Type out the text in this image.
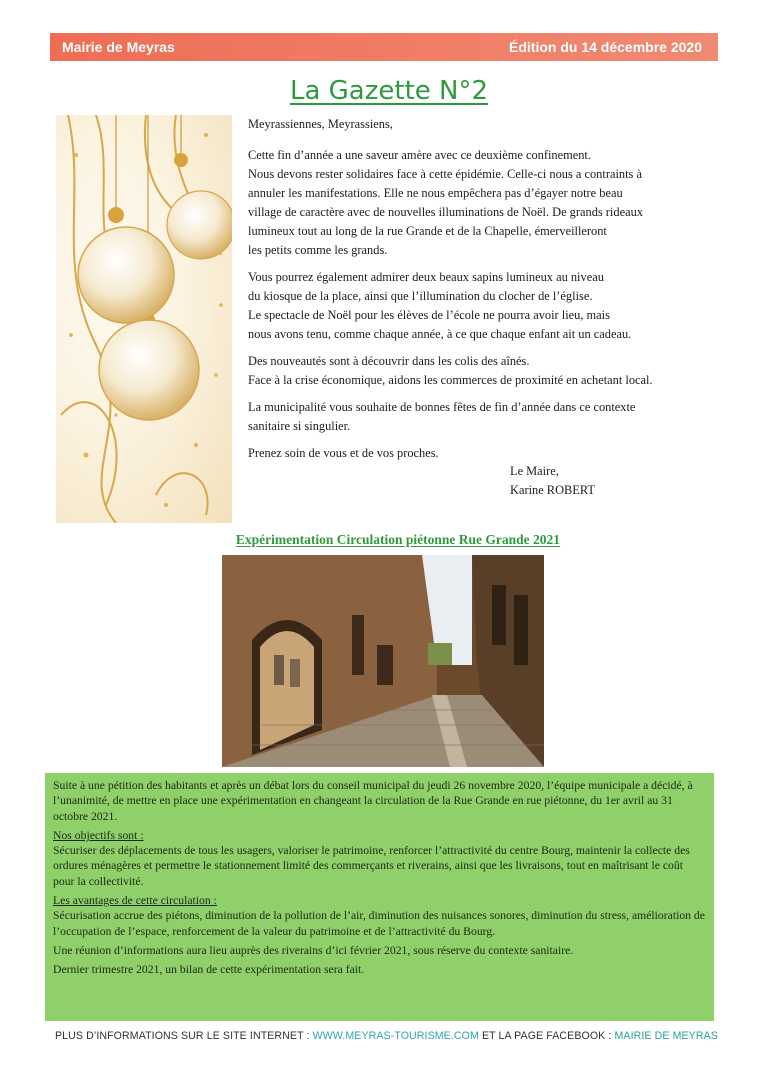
Mairie de Meyras	Édition du 14 décembre 2020
La Gazette N°2

Meyrassiennes, Meyrassiens,

Cette fin d’année a une saveur amère avec ce deuxième confinement.
Nous devons rester solidaires face à cette épidémie. Celle-ci nous a contraints à
annuler les manifestations. Elle ne nous empêchera pas d’égayer notre beau
village de caractère avec de nouvelles illuminations de Noël. De grands rideaux
lumineux tout au long de la rue Grande et de la Chapelle, émerveilleront
les petits comme les grands.

Vous pourrez également admirer deux beaux sapins lumineux au niveau
du kiosque de la place, ainsi que l’illumination du clocher de l’église.
Le spectacle de Noël pour les élèves de l’école ne pourra avoir lieu, mais
nous avons tenu, comme chaque année, à ce que chaque enfant ait un cadeau.

Des nouveautés sont à découvrir dans les colis des aînés.
Face à la crise économique, aidons les commerces de proximité en achetant local.

La municipalité vous souhaite de bonnes fêtes de fin d’année dans ce contexte
sanitaire si singulier.

Prenez soin de vous et de vos proches.

Le Maire,
Karine ROBERT
Expérimentation Circulation piétonne Rue Grande 2021

Suite à une pétition des habitants et après un débat lors du conseil municipal du jeudi 26 novembre 2020, l’équipe municipale a décidé, à l’unanimité, de mettre en place une expérimentation en changeant la circulation de la Rue Grande en rue piétonne, du 1er avril au 31 octobre 2021.

Nos objectifs sont :

Sécuriser des déplacements de tous les usagers, valoriser le patrimoine, renforcer l’attractivité du centre Bourg, maintenir la collecte des ordures ménagères et permettre le stationnement limité des commerçants et riverains, ainsi que les livraisons, tout en maîtrisant le coût pour la collectivité.

Les avantages de cette circulation :

Sécurisation accrue des piétons, diminution de la pollution de l’air, diminution des nuisances sonores, diminution du stress, amélioration de l’occupation de l’espace, renforcement de la valeur du patrimoine et de l’attractivité du Bourg.

Une réunion d’informations aura lieu auprès des riverains d’ici février 2021, sous réserve du contexte sanitaire.

Dernier trimestre 2021, un bilan de cette expérimentation sera fait.

PLUS D’INFORMATIONS SUR LE SITE INTERNET : WWW.MEYRAS-TOURISME.COM ET LA PAGE FACEBOOK : MAIRIE DE MEYRAS
